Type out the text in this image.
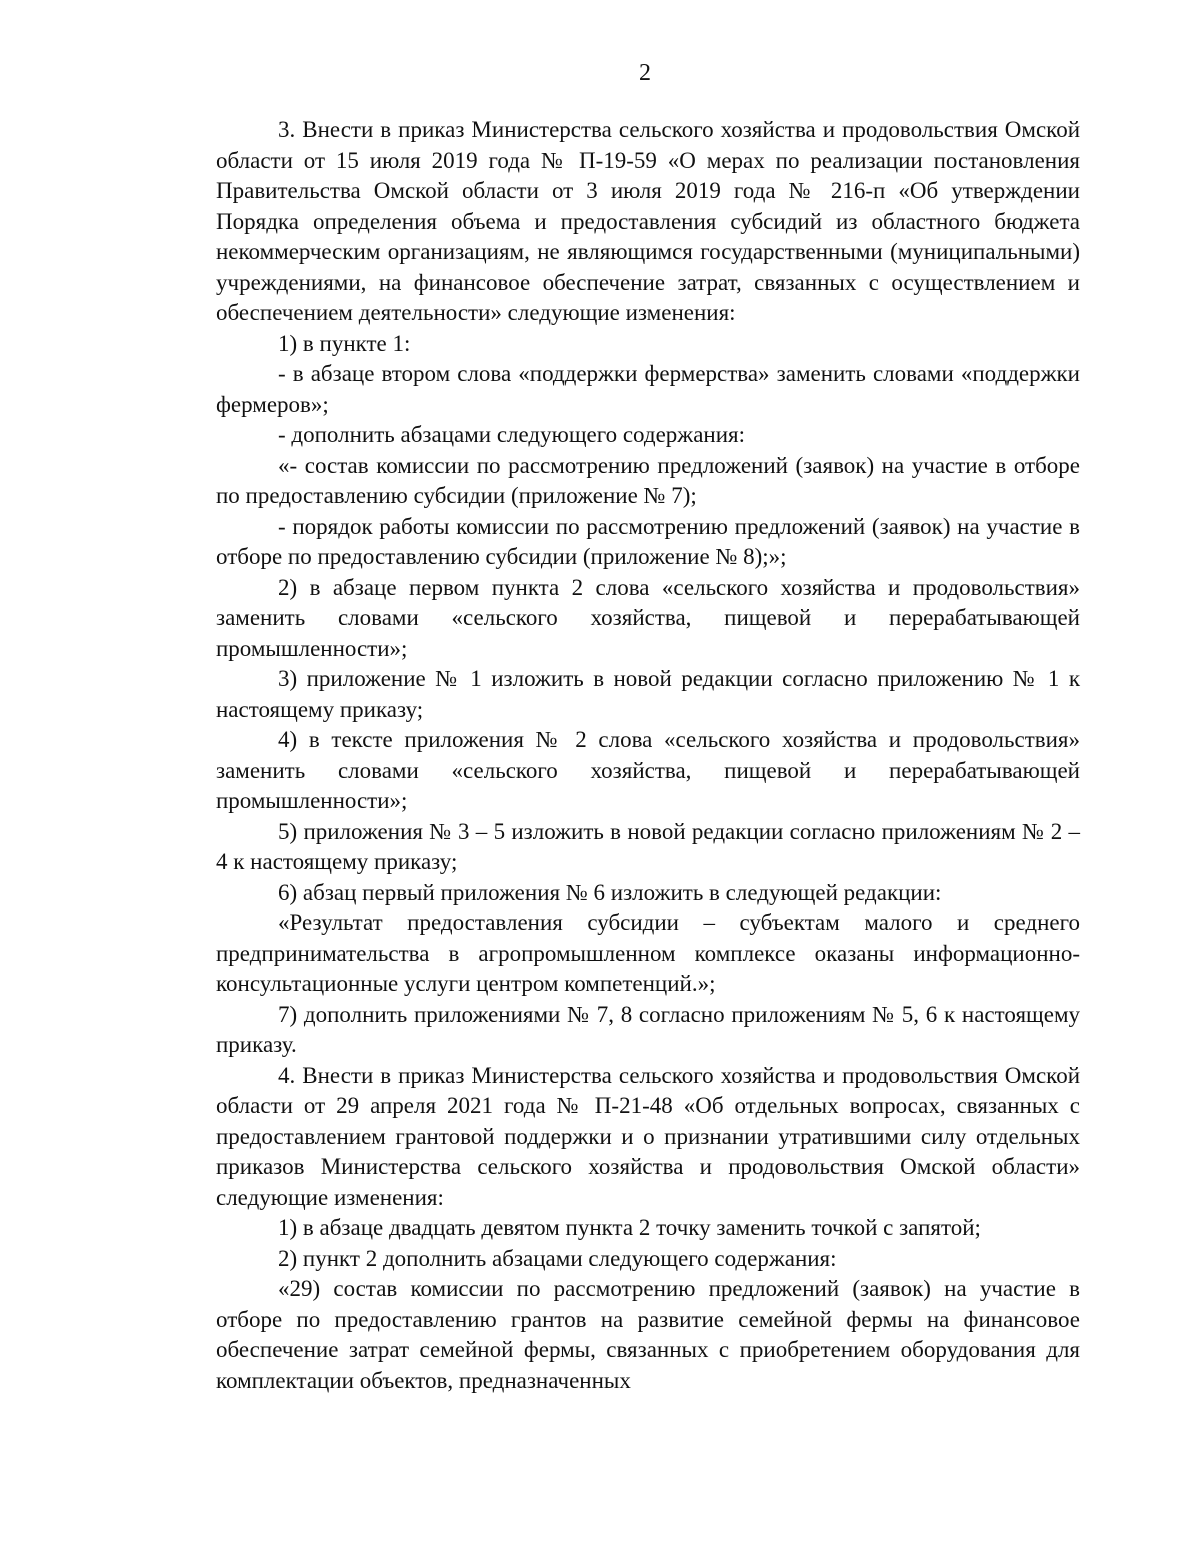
2

3. Внести в приказ Министерства сельского хозяйства и продовольствия Омской области от 15 июля 2019 года № П-19-59 «О мерах по реализации постановления Правительства Омской области от 3 июля 2019 года № 216-п «Об утверждении Порядка определения объема и предоставления субсидий из областного бюджета некоммерческим организациям, не являющимся государственными (муниципальными) учреждениями, на финансовое обеспечение затрат, связанных с осуществлением и обеспечением деятельности» следующие изменения:

1) в пункте 1:

- в абзаце втором слова «поддержки фермерства» заменить словами «поддержки фермеров»;

- дополнить абзацами следующего содержания:

«- состав комиссии по рассмотрению предложений (заявок) на участие в отборе по предоставлению субсидии (приложение № 7);

- порядок работы комиссии по рассмотрению предложений (заявок) на участие в отборе по предоставлению субсидии (приложение № 8);»;

2) в абзаце первом пункта 2 слова «сельского хозяйства и продовольствия» заменить словами «сельского хозяйства, пищевой и перерабатывающей промышленности»;

3) приложение № 1 изложить в новой редакции согласно приложению № 1 к настоящему приказу;

4) в тексте приложения № 2 слова «сельского хозяйства и продовольствия» заменить словами «сельского хозяйства, пищевой и перерабатывающей промышленности»;

5) приложения № 3 – 5 изложить в новой редакции согласно приложениям № 2 – 4 к настоящему приказу;

6) абзац первый приложения № 6 изложить в следующей редакции:

«Результат предоставления субсидии – субъектам малого и среднего предпринимательства в агропромышленном комплексе оказаны информационно-консультационные услуги центром компетенций.»;

7) дополнить приложениями № 7, 8 согласно приложениям № 5, 6 к настоящему приказу.

4. Внести в приказ Министерства сельского хозяйства и продовольствия Омской области от 29 апреля 2021 года № П-21-48 «Об отдельных вопросах, связанных с предоставлением грантовой поддержки и о признании утратившими силу отдельных приказов Министерства сельского хозяйства и продовольствия Омской области» следующие изменения:

1) в абзаце двадцать девятом пункта 2 точку заменить точкой с запятой;

2) пункт 2 дополнить абзацами следующего содержания:

«29) состав комиссии по рассмотрению предложений (заявок) на участие в отборе по предоставлению грантов на развитие семейной фермы на финансовое обеспечение затрат семейной фермы, связанных с приобретением оборудования для комплектации объектов, предназначенных
